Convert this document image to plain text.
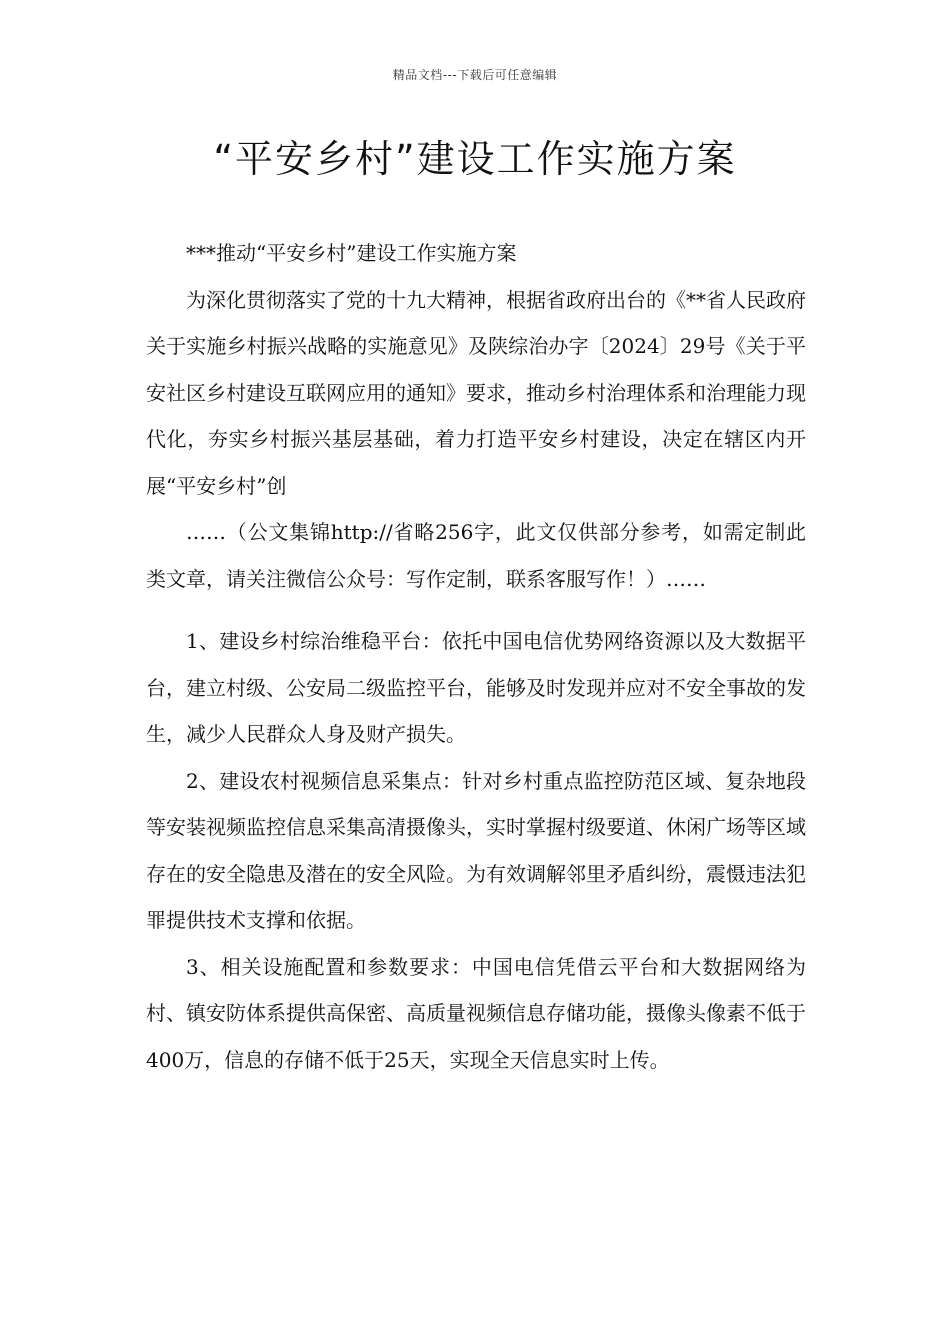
精品文档---下载后可任意编辑
“平安乡村”建设工作实施方案

***推动“平安乡村”建设工作实施方案

为深化贯彻落实了党的十九大精神，根据省政府出台的《**省人民政府关于实施乡村振兴战略的实施意见》及陕综治办字〔2024〕29号《关于平安社区乡村建设互联网应用的通知》要求，推动乡村治理体系和治理能力现代化，夯实乡村振兴基层基础，着力打造平安乡村建设，决定在辖区内开展“平安乡村”创

……（公文集锦http://省略256字，此文仅供部分参考，如需定制此类文章，请关注微信公众号：写作定制，联系客服写作！）……

1、建设乡村综治维稳平台：依托中国电信优势网络资源以及大数据平台，建立村级、公安局二级监控平台，能够及时发现并应对不安全事故的发生，减少人民群众人身及财产损失。

2、建设农村视频信息采集点：针对乡村重点监控防范区域、复杂地段等安装视频监控信息采集高清摄像头，实时掌握村级要道、休闲广场等区域存在的安全隐患及潜在的安全风险。为有效调解邻里矛盾纠纷，震慑违法犯罪提供技术支撑和依据。

3、相关设施配置和参数要求：中国电信凭借云平台和大数据网络为村、镇安防体系提供高保密、高质量视频信息存储功能，摄像头像素不低于400万，信息的存储不低于25天，实现全天信息实时上传。
